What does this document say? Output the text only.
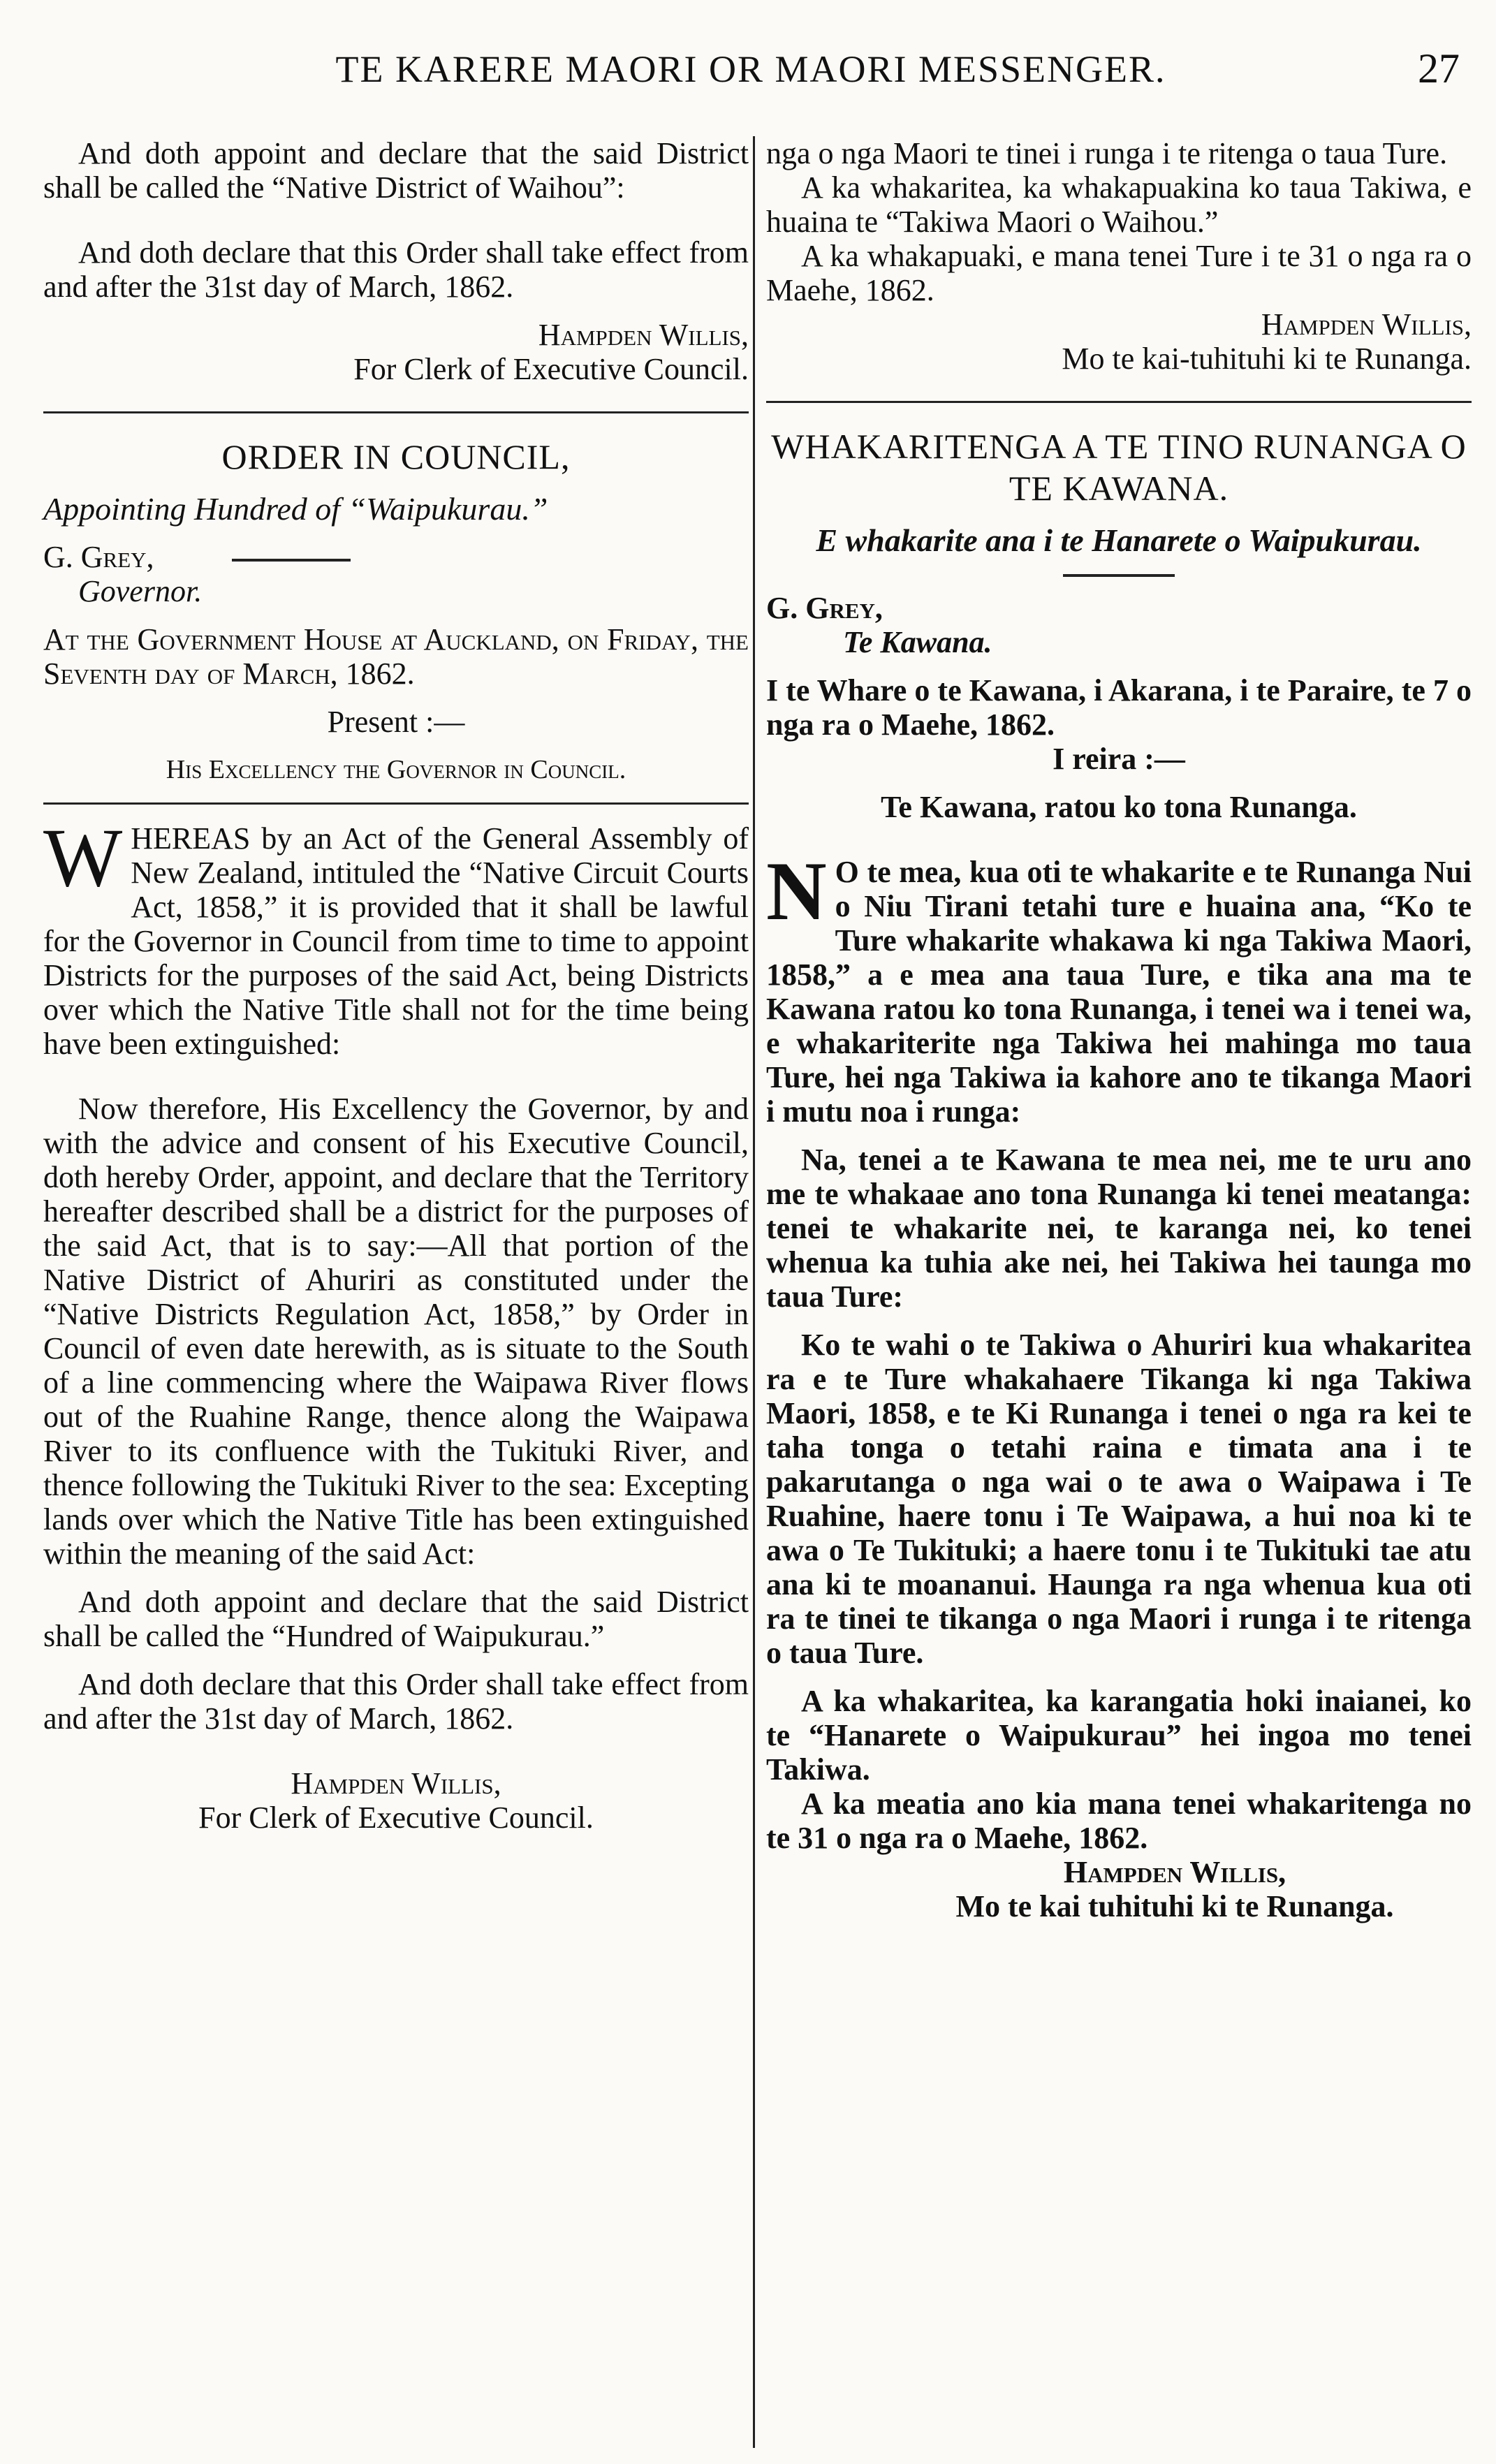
TE KARERE MAORI OR MAORI MESSENGER.	27

And doth appoint and declare that the said District shall be called the “Native District of Waihou”:

And doth declare that this Order shall take effect from and after the 31st day of March, 1862.

Hampden Willis,
For Clerk of Executive Council.
ORDER IN COUNCIL,
Appointing Hundred of “Waipukurau.”
G. Grey,
Governor.

At the Government House at Auckland, on Friday, the Seventh day of March, 1862.

Present :—
His Excellency the Governor in Council.

WHEREAS by an Act of the General Assembly of New Zealand, intituled the “Native Circuit Courts Act, 1858,” it is provided that it shall be lawful for the Governor in Council from time to time to appoint Districts for the purposes of the said Act, being Districts over which the Native Title shall not for the time being have been extinguished:

Now therefore, His Excellency the Governor, by and with the advice and consent of his Executive Council, doth hereby Order, appoint, and declare that the Territory hereafter described shall be a district for the purposes of the said Act, that is to say:—All that portion of the Native District of Ahuriri as constituted under the “Native Districts Regulation Act, 1858,” by Order in Council of even date herewith, as is situate to the South of a line commencing where the Waipawa River flows out of the Ruahine Range, thence along the Waipawa River to its confluence with the Tukituki River, and thence following the Tukituki River to the sea: Excepting lands over which the Native Title has been extinguished within the meaning of the said Act:

And doth appoint and declare that the said District shall be called the “Hundred of Waipukurau.”

And doth declare that this Order shall take effect from and after the 31st day of March, 1862.

Hampden Willis,
For Clerk of Executive Council.

nga o nga Maori te tinei i runga i te ritenga o taua Ture.

A ka whakaritea, ka whakapuakina ko taua Takiwa, e huaina te “Takiwa Maori o Waihou.”

A ka whakapuaki, e mana tenei Ture i te 31 o nga ra o Maehe, 1862.

Hampden Willis,
Mo te kai-tuhituhi ki te Runanga.
WHAKARITENGA A TE TINO RUNANGA O TE KAWANA.
E whakarite ana i te Hanarete o Waipukurau.
G. Grey,
Te Kawana.

I te Whare o te Kawana, i Akarana, i te Paraire, te 7 o nga ra o Maehe, 1862.

I reira :—
Te Kawana, ratou ko tona Runanga.

N O te mea, kua oti te whakarite e te Runanga Nui o Niu Tirani tetahi ture e huaina ana, “Ko te Ture whakarite whakawa ki nga Takiwa Maori, 1858,” a e mea ana taua Ture, e tika ana ma te Kawana ratou ko tona Runanga, i tenei wa i tenei wa, e whakariterite nga Takiwa hei mahinga mo taua Ture, hei nga Takiwa ia kahore ano te tikanga Maori i mutu noa i runga:

Na, tenei a te Kawana te mea nei, me te uru ano me te whakaae ano tona Runanga ki tenei meatanga: tenei te whakarite nei, te karanga nei, ko tenei whenua ka tuhia ake nei, hei Takiwa hei taunga mo taua Ture:

Ko te wahi o te Takiwa o Ahuriri kua whakaritea ra e te Ture whakahaere Tikanga ki nga Takiwa Maori, 1858, e te Ki Runanga i tenei o nga ra kei te taha tonga o tetahi raina e timata ana i te pakarutanga o nga wai o te awa o Waipawa i Te Ruahine, haere tonu i Te Waipawa, a hui noa ki te awa o Te Tukituki; a haere tonu i te Tukituki tae atu ana ki te moananui. Haunga ra nga whenua kua oti ra te tinei te tikanga o nga Maori i runga i te ritenga o taua Ture.

A ka whakaritea, ka karangatia hoki inaianei, ko te “Hanarete o Waipukurau” hei ingoa mo tenei Takiwa.

A ka meatia ano kia mana tenei whakaritenga no te 31 o nga ra o Maehe, 1862.

Hampden Willis,
Mo te kai tuhituhi ki te Runanga.
